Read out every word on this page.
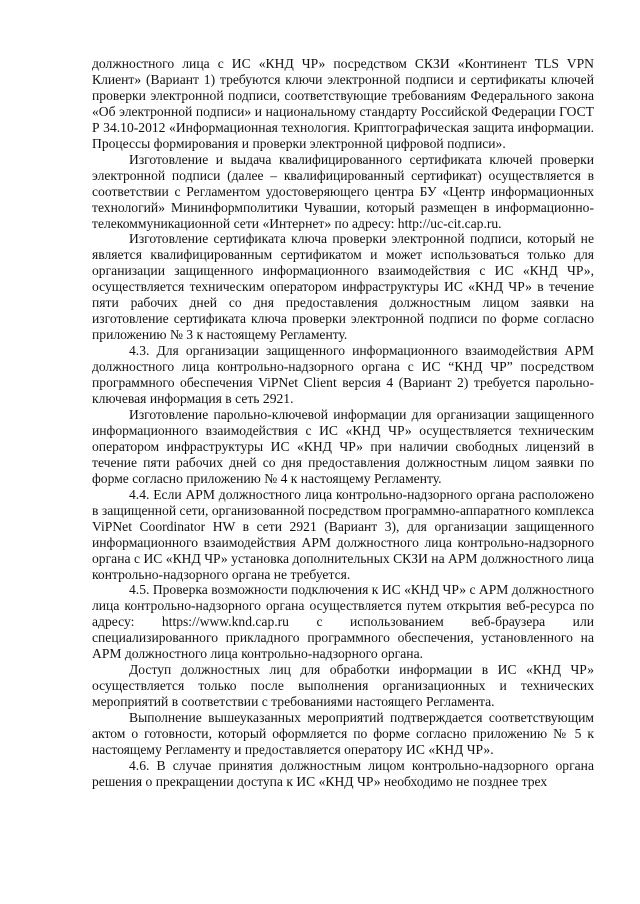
должностного лица с ИС «КНД ЧР» посредством СКЗИ «Континент TLS VPN Клиент» (Вариант 1) требуются ключи электронной подписи и сертификаты ключей проверки электронной подписи, соответствующие требованиям Федерального закона «Об электронной подписи» и национальному стандарту Российской Федерации ГОСТ Р 34.10-2012 «Информационная технология. Криптографическая защита информации. Процессы формирования и проверки электронной цифровой подписи».

Изготовление и выдача квалифицированного сертификата ключей проверки электронной подписи (далее – квалифицированный сертификат) осуществляется в соответствии с Регламентом удостоверяющего центра БУ «Центр информационных технологий» Мининформполитики Чувашии, который размещен в информационно-телекоммуникационной сети «Интернет» по адресу: http://uc-cit.cap.ru.

Изготовление сертификата ключа проверки электронной подписи, который не является квалифицированным сертификатом и может использоваться только для организации защищенного информационного взаимодействия с ИС «КНД ЧР», осуществляется техническим оператором инфраструктуры ИС «КНД ЧР» в течение пяти рабочих дней со дня предоставления должностным лицом заявки на изготовление сертификата ключа проверки электронной подписи по форме согласно приложению № 3 к настоящему Регламенту.

4.3. Для организации защищенного информационного взаимодействия АРМ должностного лица контрольно-надзорного органа с ИС “КНД ЧР” посредством программного обеспечения ViPNet Client версия 4 (Вариант 2) требуется парольно-ключевая информация в сеть 2921.

Изготовление парольно-ключевой информации для организации защищенного информационного взаимодействия с ИС «КНД ЧР» осуществляется техническим оператором инфраструктуры ИС «КНД ЧР» при наличии свободных лицензий в течение пяти рабочих дней со дня предоставления должностным лицом заявки по форме согласно приложению № 4 к настоящему Регламенту.

4.4. Если АРМ должностного лица контрольно-надзорного органа расположено в защищенной сети, организованной посредством программно-аппаратного комплекса ViPNet Coordinator HW в сети 2921 (Вариант 3), для организации защищенного информационного взаимодействия АРМ должностного лица контрольно-надзорного органа с ИС «КНД ЧР» установка дополнительных СКЗИ на АРМ должностного лица контрольно-надзорного органа не требуется.

4.5. Проверка возможности подключения к ИС «КНД ЧР» с АРМ должностного лица контрольно-надзорного органа осуществляется путем открытия веб-ресурса по адресу: https://www.knd.cap.ru с использованием веб-браузера или специализированного прикладного программного обеспечения, установленного на АРМ должностного лица контрольно-надзорного органа.

Доступ должностных лиц для обработки информации в ИС «КНД ЧР» осуществляется только после выполнения организационных и технических мероприятий в соответствии с требованиями настоящего Регламента.

Выполнение вышеуказанных мероприятий подтверждается соответствующим актом о готовности, который оформляется по форме согласно приложению № 5 к настоящему Регламенту и предоставляется оператору ИС «КНД ЧР».

4.6. В случае принятия должностным лицом контрольно-надзорного органа решения о прекращении доступа к ИС «КНД ЧР» необходимо не позднее трех
